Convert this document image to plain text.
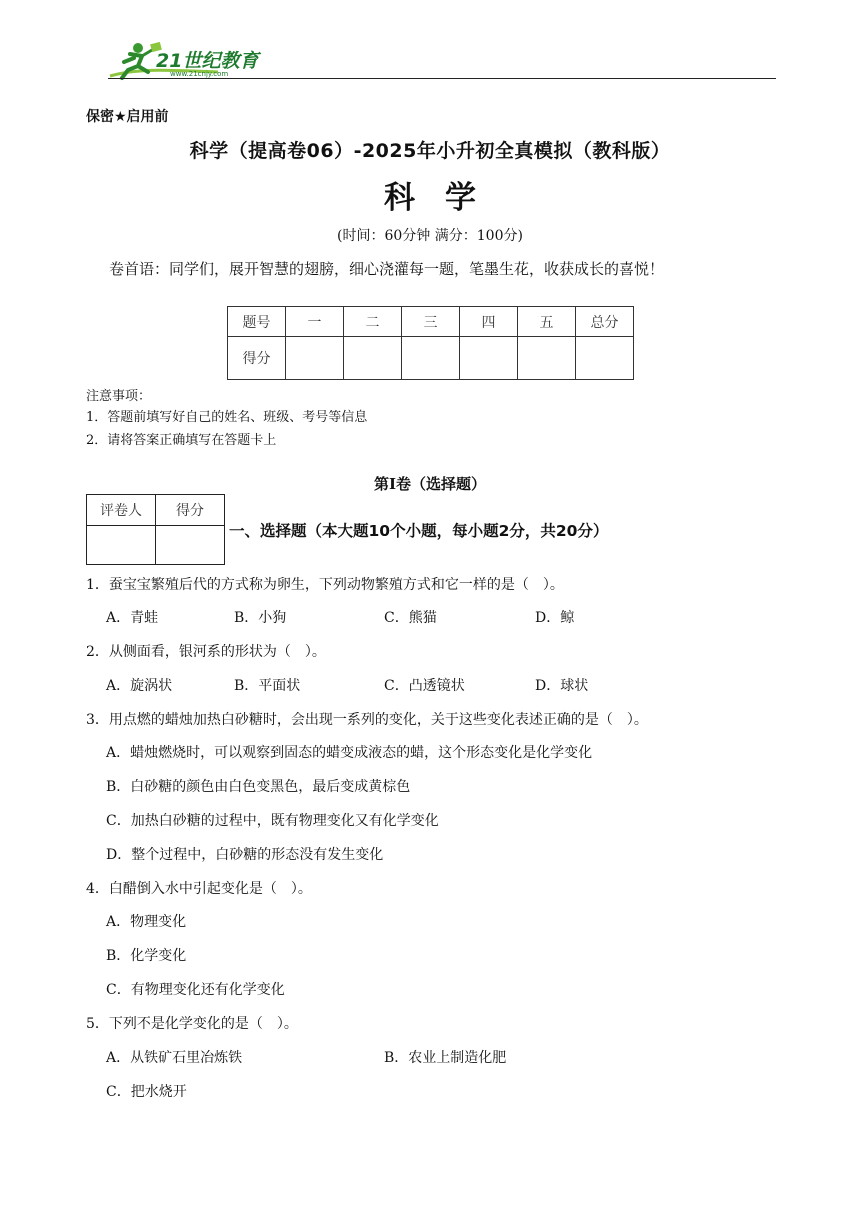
21世纪教育
www.21cnjy.com
保密★启用前
科学（提高卷06）-2025年小升初全真模拟（教科版）
科学
(时间：60分钟 满分：100分)
卷首语：同学们，展开智慧的翅膀，细心浇灌每一题，笔墨生花，收获成长的喜悦！
题号	一	二	三	四	五	总分
得分						
注意事项：
1．答题前填写好自己的姓名、班级、考号等信息
2．请将答案正确填写在答题卡上
第Ⅰ卷（选择题）
评卷人	得分

一、选择题（本大题10个小题，每小题2分，共20分）
1．蚕宝宝繁殖后代的方式称为卵生，下列动物繁殖方式和它一样的是（　）。
A．青蛙	B．小狗	C．熊猫	D．鲸
2．从侧面看，银河系的形状为（　）。
A．旋涡状	B．平面状	C．凸透镜状	D．球状
3．用点燃的蜡烛加热白砂糖时，会出现一系列的变化，关于这些变化表述正确的是（　）。
A．蜡烛燃烧时，可以观察到固态的蜡变成液态的蜡，这个形态变化是化学变化
B．白砂糖的颜色由白色变黑色，最后变成黄棕色
C．加热白砂糖的过程中，既有物理变化又有化学变化
D．整个过程中，白砂糖的形态没有发生变化
4．白醋倒入水中引起变化是（　）。
A．物理变化
B．化学变化
C．有物理变化还有化学变化
5．下列不是化学变化的是（　）。
A．从铁矿石里冶炼铁	B．农业上制造化肥
C．把水烧开
